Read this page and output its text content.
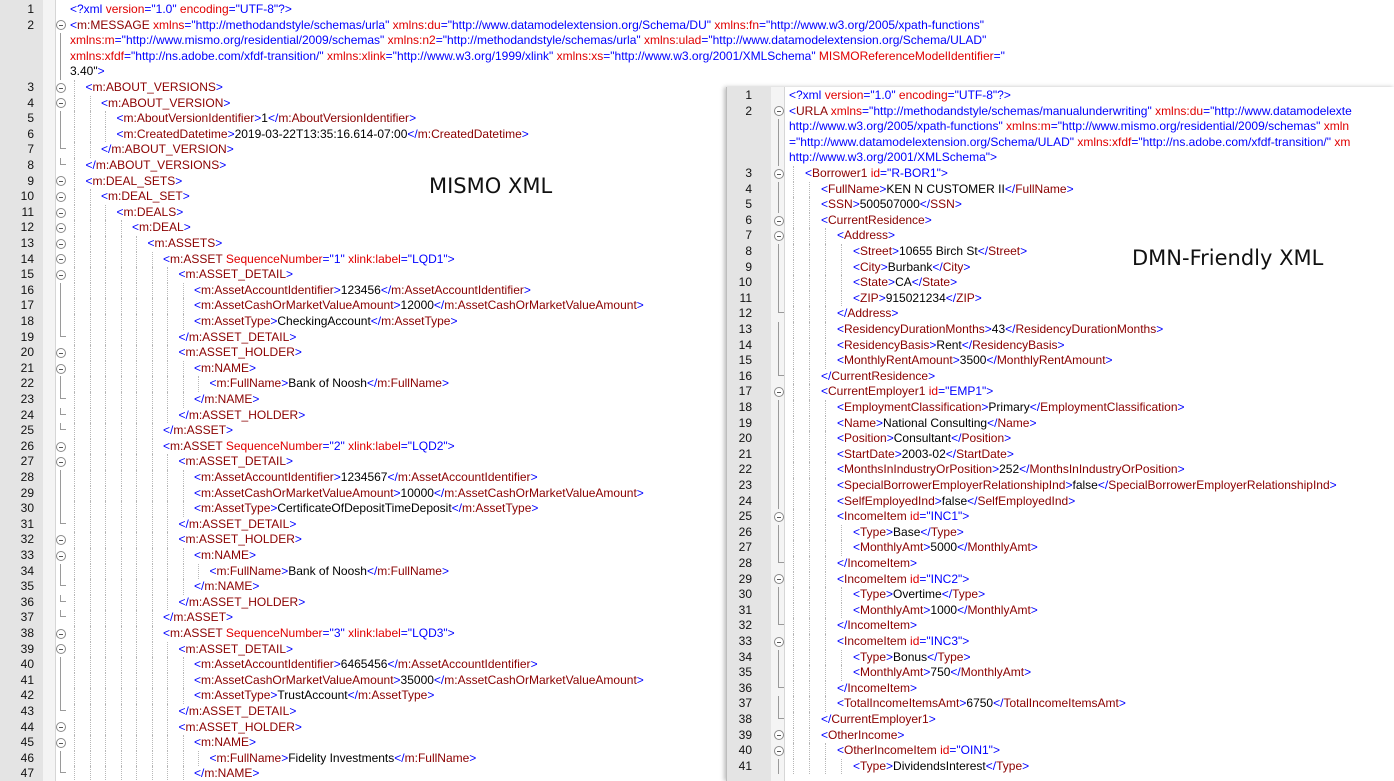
1	<?xml version="1.0" encoding="UTF-8"?>
2	<m:MESSAGE xmlns="http://methodandstyle/schemas/urla" xmlns:du="http://www.datamodelextension.org/Schema/DU" xmlns:fn="http://www.w3.org/2005/xpath-functions"
xmlns:m="http://www.mismo.org/residential/2009/schemas" xmlns:n2="http://methodandstyle/schemas/urla" xmlns:ulad="http://www.datamodelextension.org/Schema/ULAD"
xmlns:xfdf="http://ns.adobe.com/xfdf-transition/" xmlns:xlink="http://www.w3.org/1999/xlink" xmlns:xs="http://www.w3.org/2001/XMLSchema" MISMOReferenceModelIdentifier="
3.40">
3	<m:ABOUT_VERSIONS>
4	<m:ABOUT_VERSION>
5	<m:AboutVersionIdentifier>1</m:AboutVersionIdentifier>
6	<m:CreatedDatetime>2019-03-22T13:35:16.614-07:00</m:CreatedDatetime>
7	</m:ABOUT_VERSION>
8	</m:ABOUT_VERSIONS>
9	<m:DEAL_SETS>
10	<m:DEAL_SET>
11	<m:DEALS>
12	<m:DEAL>
13	<m:ASSETS>
14	<m:ASSET SequenceNumber="1" xlink:label="LQD1">
15	<m:ASSET_DETAIL>
16	<m:AssetAccountIdentifier>123456</m:AssetAccountIdentifier>
17	<m:AssetCashOrMarketValueAmount>12000</m:AssetCashOrMarketValueAmount>
18	<m:AssetType>CheckingAccount</m:AssetType>
19	</m:ASSET_DETAIL>
20	<m:ASSET_HOLDER>
21	<m:NAME>
22	<m:FullName>Bank of Noosh</m:FullName>
23	</m:NAME>
24	</m:ASSET_HOLDER>
25	</m:ASSET>
26	<m:ASSET SequenceNumber="2" xlink:label="LQD2">
27	<m:ASSET_DETAIL>
28	<m:AssetAccountIdentifier>1234567</m:AssetAccountIdentifier>
29	<m:AssetCashOrMarketValueAmount>10000</m:AssetCashOrMarketValueAmount>
30	<m:AssetType>CertificateOfDepositTimeDeposit</m:AssetType>
31	</m:ASSET_DETAIL>
32	<m:ASSET_HOLDER>
33	<m:NAME>
34	<m:FullName>Bank of Noosh</m:FullName>
35	</m:NAME>
36	</m:ASSET_HOLDER>
37	</m:ASSET>
38	<m:ASSET SequenceNumber="3" xlink:label="LQD3">
39	<m:ASSET_DETAIL>
40	<m:AssetAccountIdentifier>6465456</m:AssetAccountIdentifier>
41	<m:AssetCashOrMarketValueAmount>35000</m:AssetCashOrMarketValueAmount>
42	<m:AssetType>TrustAccount</m:AssetType>
43	</m:ASSET_DETAIL>
44	<m:ASSET_HOLDER>
45	<m:NAME>
46	<m:FullName>Fidelity Investments</m:FullName>
47	</m:NAME>
MISMO XML
1	<?xml version="1.0" encoding="UTF-8"?>
2	<URLA xmlns="http://methodandstyle/schemas/manualunderwriting" xmlns:du="http://www.datamodelexte
http://www.w3.org/2005/xpath-functions" xmlns:m="http://www.mismo.org/residential/2009/schemas" xmln
="http://www.datamodelextension.org/Schema/ULAD" xmlns:xfdf="http://ns.adobe.com/xfdf-transition/" xm
http://www.w3.org/2001/XMLSchema">
3	<Borrower1 id="R-BOR1">
4	<FullName>KEN N CUSTOMER II</FullName>
5	<SSN>500507000</SSN>
6	<CurrentResidence>
7	<Address>
8	<Street>10655 Birch St</Street>
9	<City>Burbank</City>
10	<State>CA</State>
11	<ZIP>915021234</ZIP>
12	</Address>
13	<ResidencyDurationMonths>43</ResidencyDurationMonths>
14	<ResidencyBasis>Rent</ResidencyBasis>
15	<MonthlyRentAmount>3500</MonthlyRentAmount>
16	</CurrentResidence>
17	<CurrentEmployer1 id="EMP1">
18	<EmploymentClassification>Primary</EmploymentClassification>
19	<Name>National Consulting</Name>
20	<Position>Consultant</Position>
21	<StartDate>2003-02</StartDate>
22	<MonthsInIndustryOrPosition>252</MonthsInIndustryOrPosition>
23	<SpecialBorrowerEmployerRelationshipInd>false</SpecialBorrowerEmployerRelationshipInd>
24	<SelfEmployedInd>false</SelfEmployedInd>
25	<IncomeItem id="INC1">
26	<Type>Base</Type>
27	<MonthlyAmt>5000</MonthlyAmt>
28	</IncomeItem>
29	<IncomeItem id="INC2">
30	<Type>Overtime</Type>
31	<MonthlyAmt>1000</MonthlyAmt>
32	</IncomeItem>
33	<IncomeItem id="INC3">
34	<Type>Bonus</Type>
35	<MonthlyAmt>750</MonthlyAmt>
36	</IncomeItem>
37	<TotalIncomeItemsAmt>6750</TotalIncomeItemsAmt>
38	</CurrentEmployer1>
39	<OtherIncome>
40	<OtherIncomeItem id="OIN1">
41	<Type>DividendsInterest</Type>
DMN-Friendly XML
